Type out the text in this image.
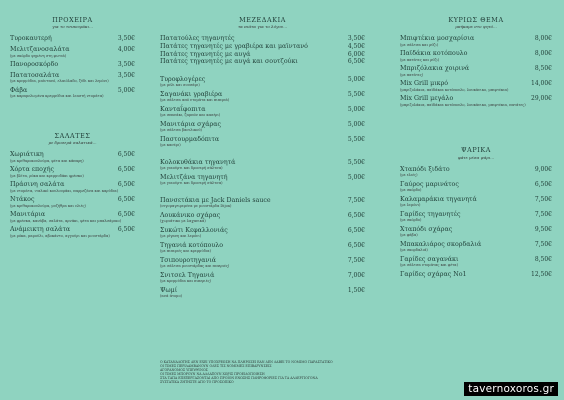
ΠΡΟΧΕΙΡΑ
για το τσιπουράκι...
Τυροκαυτερή	3,50€
Μελιτζανοσαλάτα	4,00€
(με σκόρδο ψημένη στη φωτιά)
Πανοροσκόρδο	3,50€
Πατατοσαλάτα	3,50€
(με κρεμμύδια, μαϊντανό, ελαιόλαδο, ξύδι και λεμόνι)
Φάβα	5,00€
(με καραμελωμένα κρεμμύδια και λιαστή ντομάτα)
ΣΑΛΑΤΕΣ
με δροσερά σαλατικά...
Χωριάτικη	6,50€
(με κριθαροκουλούρα, φέτα και κάπαρη)
Χόρτα εποχής	6,50€
(με βλίτα, ρόκα και κρεμμυδάκι φρέσκο)
Πράσινη σαλάτα	6,50€
(με ντομάτα, ιταλικό κουλουράκι, παρμεζάνα και καρύδια)
Ντάκος	6,50€
(με κριθαροκουλούρα, μυζήθρα και ελιές)
Μανιτάρια	6,50€
(με φρέσκα, κανάβα, σαλάτα, αρνάκι, φέτα και μπαλσάμικο)
Ανάμεικτη σαλάτα	6,50€
(με ρόκα, μαρούλι, αβοκάντο, αγγούρι και μουστάρδα)
ΜΕΖΕΔΑΚΙΑ
τα πιάτα για το λόγου...
Πατατούλες τηγανητές	3,50€
Πατάτες τηγανητές με γραβιέρα και μαϊντανό	4,50€
Πατάτες τηγανητές με αυγά	6,00€
Πατάτες τηγανητές με αυγά και σουτζούκι	6,50€
Τυροφλογέρες	5,00€
(με μέλι και σουσάμι)
Σαγανάκι γραβιέρα	5,50€
(με σάλτσα από ντομάτα και πιπεριά)
Κανταΐφοπιτα	5,00€
(με σπανάκι, ζαμπόν και κασέρι)
Μανιτάρια σχάρας	5,00€
(με σάλτσα βασιλικού)
Παστουρμαδόπιτα	5,50€
(με κασέρι)
Κολοκυθάκια τηγανητά	5,50€
(με γιαούρτι και δροσερή σάλτσα)
Μελιτζάνα τηγανητή	5,00€
(με γιαούρτι και δροσερή σάλτσα)
Πανσετάκια με Jack Daniels sauce	7,50€
(σιγομαγειρεμένα με μουστάρδα Dijon)
Λουκάνικο σχάρας	6,50€
(χωριάτικο με λαχανικά)
Συκώτι Κεφαλλονιάς	6,50€
(με ρίγανη και λεμόνι)
Τηγανιά κοτόπουλο	6,50€
(με πιπεριές και κρεμμύδια)
Τσιπουροτηγανιά	7,50€
(με σάλτσα μουστάρδας και πιπεριές)
Σνιτσελ Τηγανιά	7,00€
(με κρεμμύδια και πιπεριές)
Ψωμί	1,50€
(ανά άτομο)
ΚΥΡΙΩΣ ΘΕΜΑ
μπήκαμε στο ψητό...
Μπιφτέκια μοσχαρίσια	8,00€
(με σάλτσα και ρύζι)
Παϊδάκια κοτόπουλο	8,00€
(με πατάτες και ρύζι)
Μπριζόλακια χοιρινά	8,50€
(με πατάτες)
Mix Grill μικρό	14,00€
(μπριζολάκια, παϊδάκια κοτόπουλο, λουκάνικο, μπιφτέκια)
Mix Grill μεγάλο	29,00€
(μπριζολάκια, παϊδάκια κοτόπουλο, λουκάνικο, μπιφτέκια, πατάτες)
ΨΑΡΙΚΑ
φάτε μέσα ψάρι...
Χταπόδι ξιδάτο	9,00€
(με ελιές)
Γαύρος μαρινάτος	6,50€
(με σκόρδο)
Καλαμαράκια τηγανητά	7,50€
(με λεμόνι)
Γαρίδες τηγανητές	7,50€
(με σκόρδο)
Χταπόδι σχάρας	9,50€
(με φάβα)
Μπακαλιάρος σκορδαλιά	7,50€
(με σκορδαλιά)
Γαρίδες σαγανάκι	8,50€
(με σάλτσα ντομάτας και φέτα)
Γαρίδες σχάρας Νο1	12,50€
Ο ΚΑΤΑΝΑΛΩΤΗΣ ΔΕΝ ΕΧΕΙ ΥΠΟΧΡΕΩΣΗ ΝΑ ΠΛΗΡΩΣΕΙ ΕΑΝ ΔΕΝ ΛΑΒΕΙ ΤΟ ΝΟΜΙΜΟ ΠΑΡΑΣΤΑΤΙΚΟ
ΟΙ ΤΙΜΕΣ ΠΕΡΙΛΑΜΒΑΝΟΥΝ ΟΛΕΣ ΤΙΣ ΝΟΜΙΜΕΣ ΕΠΙΒΑΡΥΝΣΕΙΣ
ΑΓΟΡΑΝΟΜΟΣ ΥΠΕΥΘΥΝΟΣ
ΟΙ ΤΙΜΕΣ ΜΠΟΡΟΥΝ ΝΑ ΑΛΛΑΞΟΥΝ ΧΩΡΙΣ ΠΡΟΕΙΔΟΠΟΙΗΣΗ
ΣΤΑ ΤΑΠΑ ΕΠΕΞΕΡΓΑΖΟΝΤΑΙ ΑΠΟ ΠΡΟΪΟΝ ΕΝΩΣΗΣ ΠΛΗΡΟΦΟΡΙΕΣ ΓΙΑ ΤΑ ΑΛΛΕΡΓΙΟΓΟΝΑ
ΣΥΣΤΑΤΙΚΑ ΖΗΤΗΣΤΕ ΑΠΟ ΤΟ ΠΡΟΣΩΠΙΚΟ
tavernoxoros.gr
